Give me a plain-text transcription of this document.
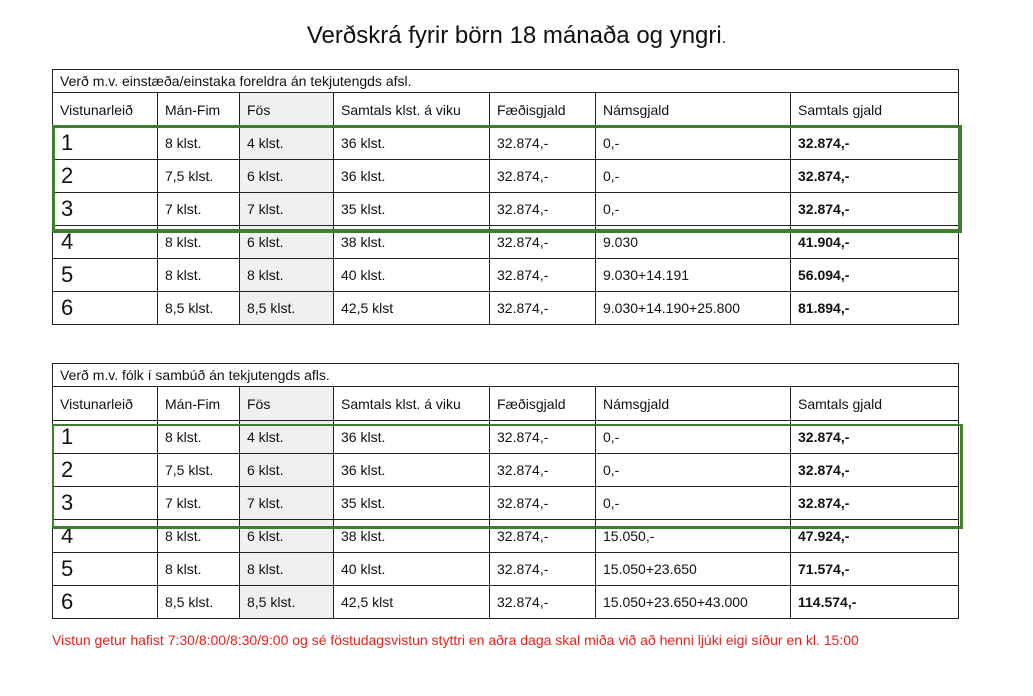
Verðskrá fyrir börn 18 mánaða og yngri.
Verð m.v. einstæða/einstaka foreldra án tekjutengds afsl.						
Vistunarleið	Mán-Fim	Fös	Samtals klst. á viku	Fæðisgjald	Námsgjald	Samtals gjald
1	8 klst.	4 klst.	36 klst.	32.874,-	0,-	32.874,-
2	7,5 klst.	6 klst.	36 klst.	32.874,-	0,-	32.874,-
3	7 klst.	7 klst.	35 klst.	32.874,-	0,-	32.874,-
4	8 klst.	6 klst.	38 klst.	32.874,-	9.030	41.904,-
5	8 klst.	8 klst.	40 klst.	32.874,-	9.030+14.191	56.094,-
6	8,5 klst.	8,5 klst.	42,5 klst	32.874,-	9.030+14.190+25.800	81.894,-
Verð m.v. fólk í sambúð án tekjutengds afls.						
Vistunarleið	Mán-Fim	Fös	Samtals klst. á viku	Fæðisgjald	Námsgjald	Samtals gjald
1	8 klst.	4 klst.	36 klst.	32.874,-	0,-	32.874,-
2	7,5 klst.	6 klst.	36 klst.	32.874,-	0,-	32.874,-
3	7 klst.	7 klst.	35 klst.	32.874,-	0,-	32.874,-
4	8 klst.	6 klst.	38 klst.	32.874,-	15.050,-	47.924,-
5	8 klst.	8 klst.	40 klst.	32.874,-	15.050+23.650	71.574,-
6	8,5 klst.	8,5 klst.	42,5 klst	32.874,-	15.050+23.650+43.000	114.574,-
Vistun getur hafist 7:30/8:00/8:30/9:00 og sé föstudagsvistun styttri en aðra daga skal miða við að henni ljúki eigi síður en kl. 15:00
